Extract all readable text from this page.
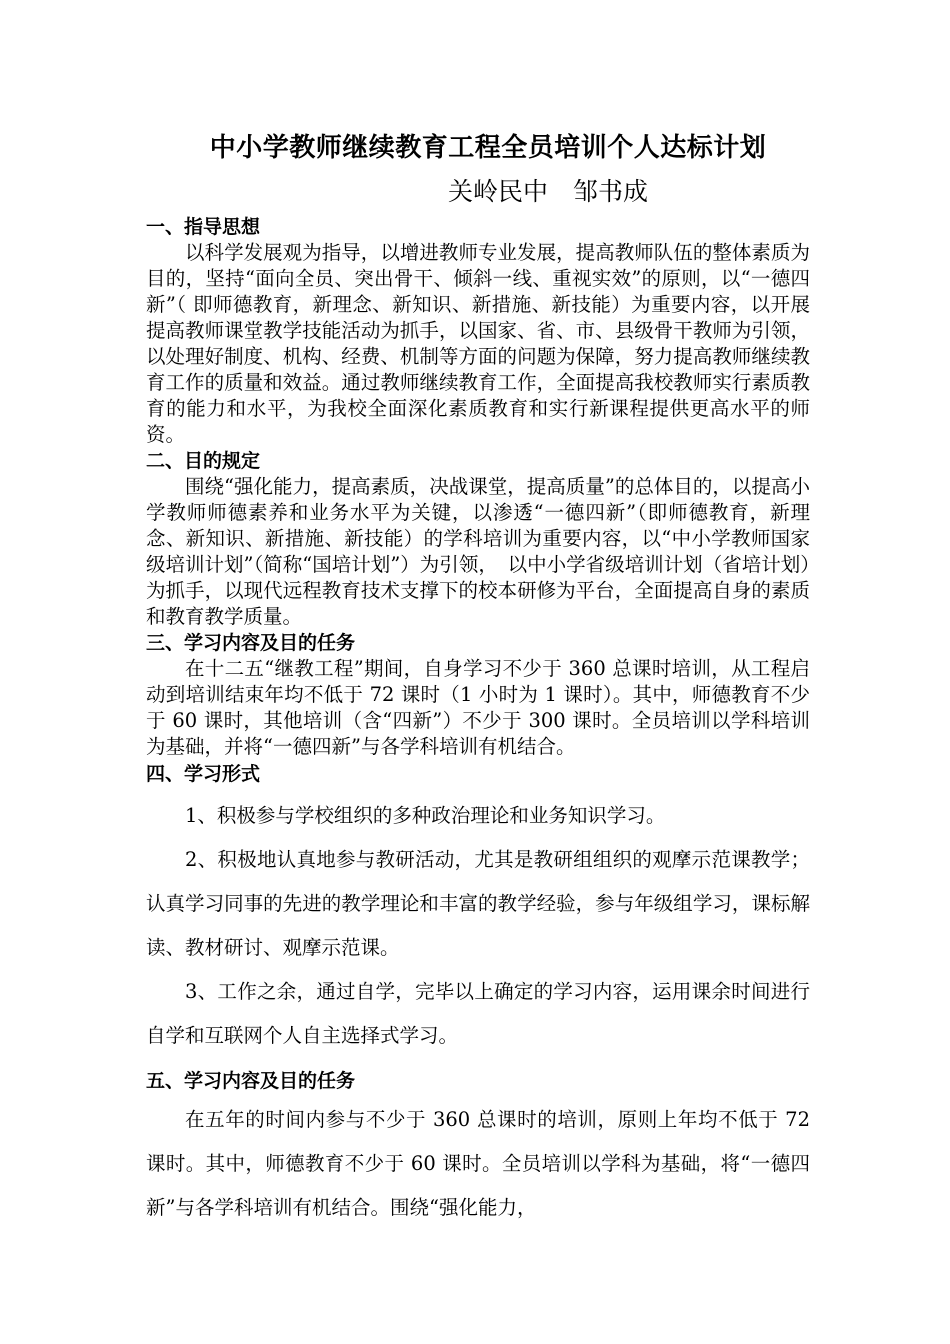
中小学教师继续教育工程全员培训个人达标计划

关岭民中　邹书成

一、指导思想

以科学发展观为指导，以增进教师专业发展，提高教师队伍的整体素质为目的，坚持“面向全员、突出骨干、倾斜一线、重视实效”的原则，以“一德四新”（ 即师德教育，新理念、新知识、新措施、新技能）为重要内容，以开展提高教师课堂教学技能活动为抓手，以国家、省、市、县级骨干教师为引领，以处理好制度、机构、经费、机制等方面的问题为保障，努力提高教师继续教育工作的质量和效益。通过教师继续教育工作，全面提高我校教师实行素质教育的能力和水平，为我校全面深化素质教育和实行新课程提供更高水平的师资。

二、目的规定

围绕“强化能力，提高素质，决战课堂，提高质量”的总体目的，以提高小学教师师德素养和业务水平为关键，以渗透“一德四新”（即师德教育，新理念、新知识、新措施、新技能）的学科培训为重要内容，以“中小学教师国家级培训计划”（简称“国培计划”）为引领，　以中小学省级培训计划（省培计划）为抓手，以现代远程教育技术支撑下的校本研修为平台，全面提高自身的素质和教育教学质量。

三、学习内容及目的任务

在十二五“继教工程”期间，自身学习不少于 360 总课时培训，从工程启动到培训结束年均不低于 72 课时（1 小时为 1 课时）。其中，师德教育不少于 60 课时，其他培训（含“四新”）不少于 300 课时。全员培训以学科培训为基础，并将“一德四新”与各学科培训有机结合。

四、学习形式

1、积极参与学校组织的多种政治理论和业务知识学习。

2、积极地认真地参与教研活动，尤其是教研组组织的观摩示范课教学；认真学习同事的先进的教学理论和丰富的教学经验，参与年级组学习，课标解读、教材研讨、观摩示范课。

3、工作之余，通过自学，完毕以上确定的学习内容，运用课余时间进行自学和互联网个人自主选择式学习。

五、学习内容及目的任务

在五年的时间内参与不少于 360 总课时的培训，原则上年均不低于 72 课时。其中，师德教育不少于 60 课时。全员培训以学科为基础，将“一德四新”与各学科培训有机结合。围绕“强化能力，
